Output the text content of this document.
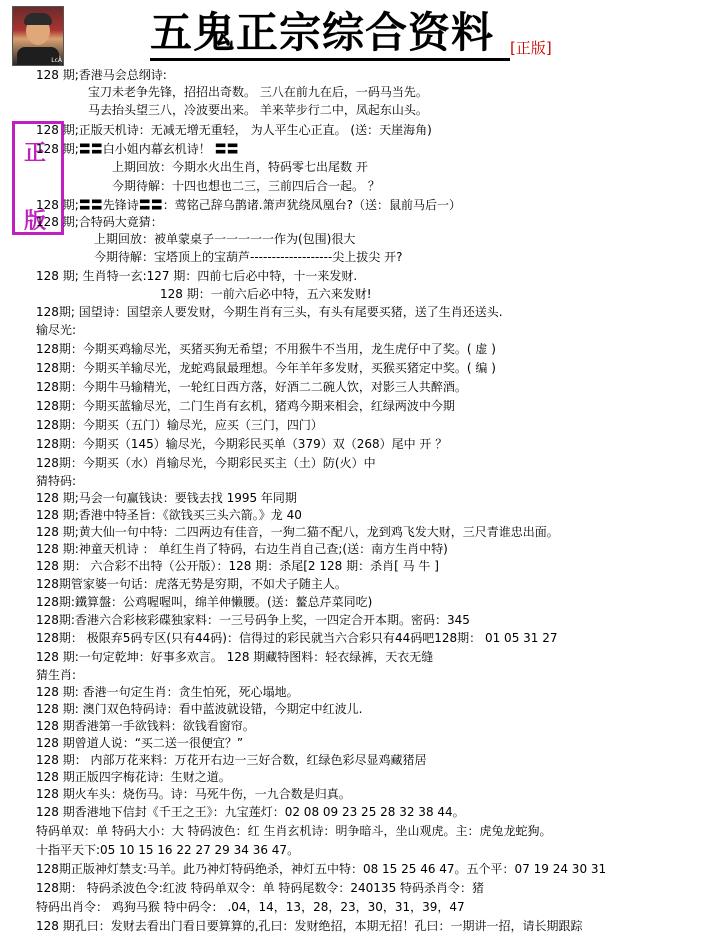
LcÀ
五鬼正宗综合资料 [正版]
正
版
128 期;香港马会总纲诗:
宝刀未老争先锋，招招出奇数。 三八在前九在后，一码马当先。
马去抬头望三八，冷波要出来。 羊来苹步行二中，凤起东山头。
128 期;正版天机诗：无减无增无重轻， 为人平生心正直。 (送：天崖海角)
128 期;〓〓白小姐内幕玄机诗！ 〓〓
上期回放：今期水火出生肖，特码零七出尾数 开
今期待解：十四也想也二三，三前四后合一起。 ？
128 期;〓〓先锋诗〓〓：莺铭己辞乌鹊诸.箫声犹绕凤凰台?（送：鼠前马后一）
128 期;合特码大竟猜：
上期回放：被单蒙桌子一一一一一作为(包围)很大
今期待解：宝塔顶上的宝葫芦-------------------尖上拔尖 开?
128 期; 生肖特一玄:127 期：四前七后必中特，十一来发财.
128 期：一前六后必中特，五六来发财!
128期; 国望诗：国望亲人要发财，今期生肖有三头，有头有尾要买猪，送了生肖还送头.
输尽光:
128期：今期买鸡输尽光，买猪买狗无希望；不用猴牛不当用，龙生虎仔中了奖。( 虚 )
128期：今期买羊输尽光，龙蛇鸡鼠最理想。今年羊年多发财，买猴买猪定中奖。( 编 )
128期：今期牛马输精光，一轮红日西方落，好酒二二碗人饮，对影三人共醉酒。
128期：今期买蓝输尽光，二门生肖有玄机，猪鸡今期来相会，红绿两波中今期
128期：今期买（五门）输尽光，应买（三门，四门）
128期：今期买（145）输尽光，今期彩民买单（379）双（268）尾中 开 ？
128期：今期买（水）肖输尽光，今期彩民买主（土）防(火）中
猜特码:
128 期;马会一句赢钱诀：要钱去找 1995 年同期
128 期;香港中特圣旨：《欲钱买三头六箭。》龙 40
128 期;黄大仙一句中特：二四两边有佳音，一狗二猫不配八，龙到鸡飞发大财，三尺青谁忠出面。
128 期:神童天机诗 ： 单红生肖了特码，右边生肖自己查;(送：南方生肖中特)
128 期： 六合彩不出特（公开版）：128 期：杀尾[2 128 期：杀肖[ 马 牛 ]
128期管家婆一句话：虎落无势是穷期，不如犬子随主人。
128期:鐵算盤：公鸡喔喔叫，绵羊伸懒腰。(送：鳌总芹菜同吃)
128期:香港六合彩核彩碟独家料：一三号码争上奖，一四定合开本期。密码：345
128期： 极限弃5码专区(只有44码)：信得过的彩民就当六合彩只有44码吧128期： 01 05 31 27
128 期:一句定乾坤：好事多欢言。 128 期藏特图料：轻衣绿裤，天衣无缝
猜生肖:
128 期: 香港一句定生肖：贪生怕死，死心塌地。
128 期: 澳门双色特码诗：看中蓝波就设错，今期定中红波儿.
128 期香港第一手欲钱料：欲钱看窗帘。
128 期曾道人说：“买二送一很便宜？”
128 期： 内部万花来料：万花开右边一三好合数，红绿色彩尽显鸡藏猪居
128 期正版四字梅花诗：生财之道。
128 期火车头：烧伤马。诗：马死牛伤，一九合数是归真。
128 期香港地下信封《千王之王》：九宝莲灯：02 08 09 23 25 28 32 38 44。
特码单双：单 特码大小：大 特码波色：红 生肖玄机诗：明争暗斗，坐山观虎。主：虎兔龙蛇狗。
十指平天下:05 10 15 16 22 27 29 34 36 47。
128期正版神灯禁支:马羊。此乃神灯特码绝杀，神灯五中特：08 15 25 46 47。五个平：07 19 24 30 31
128期： 特码杀波色令:红波 特码单双令：单 特码尾数令：240135 特码杀肖令：猪
特码出肖令： 鸡狗马猴 特中码令： .04，14，13，28，23，30，31，39，47
128 期孔曰：发财去看出门看日要算算的,孔曰：发财绝招，本期无招！孔曰：一期讲一招，请长期跟踪
